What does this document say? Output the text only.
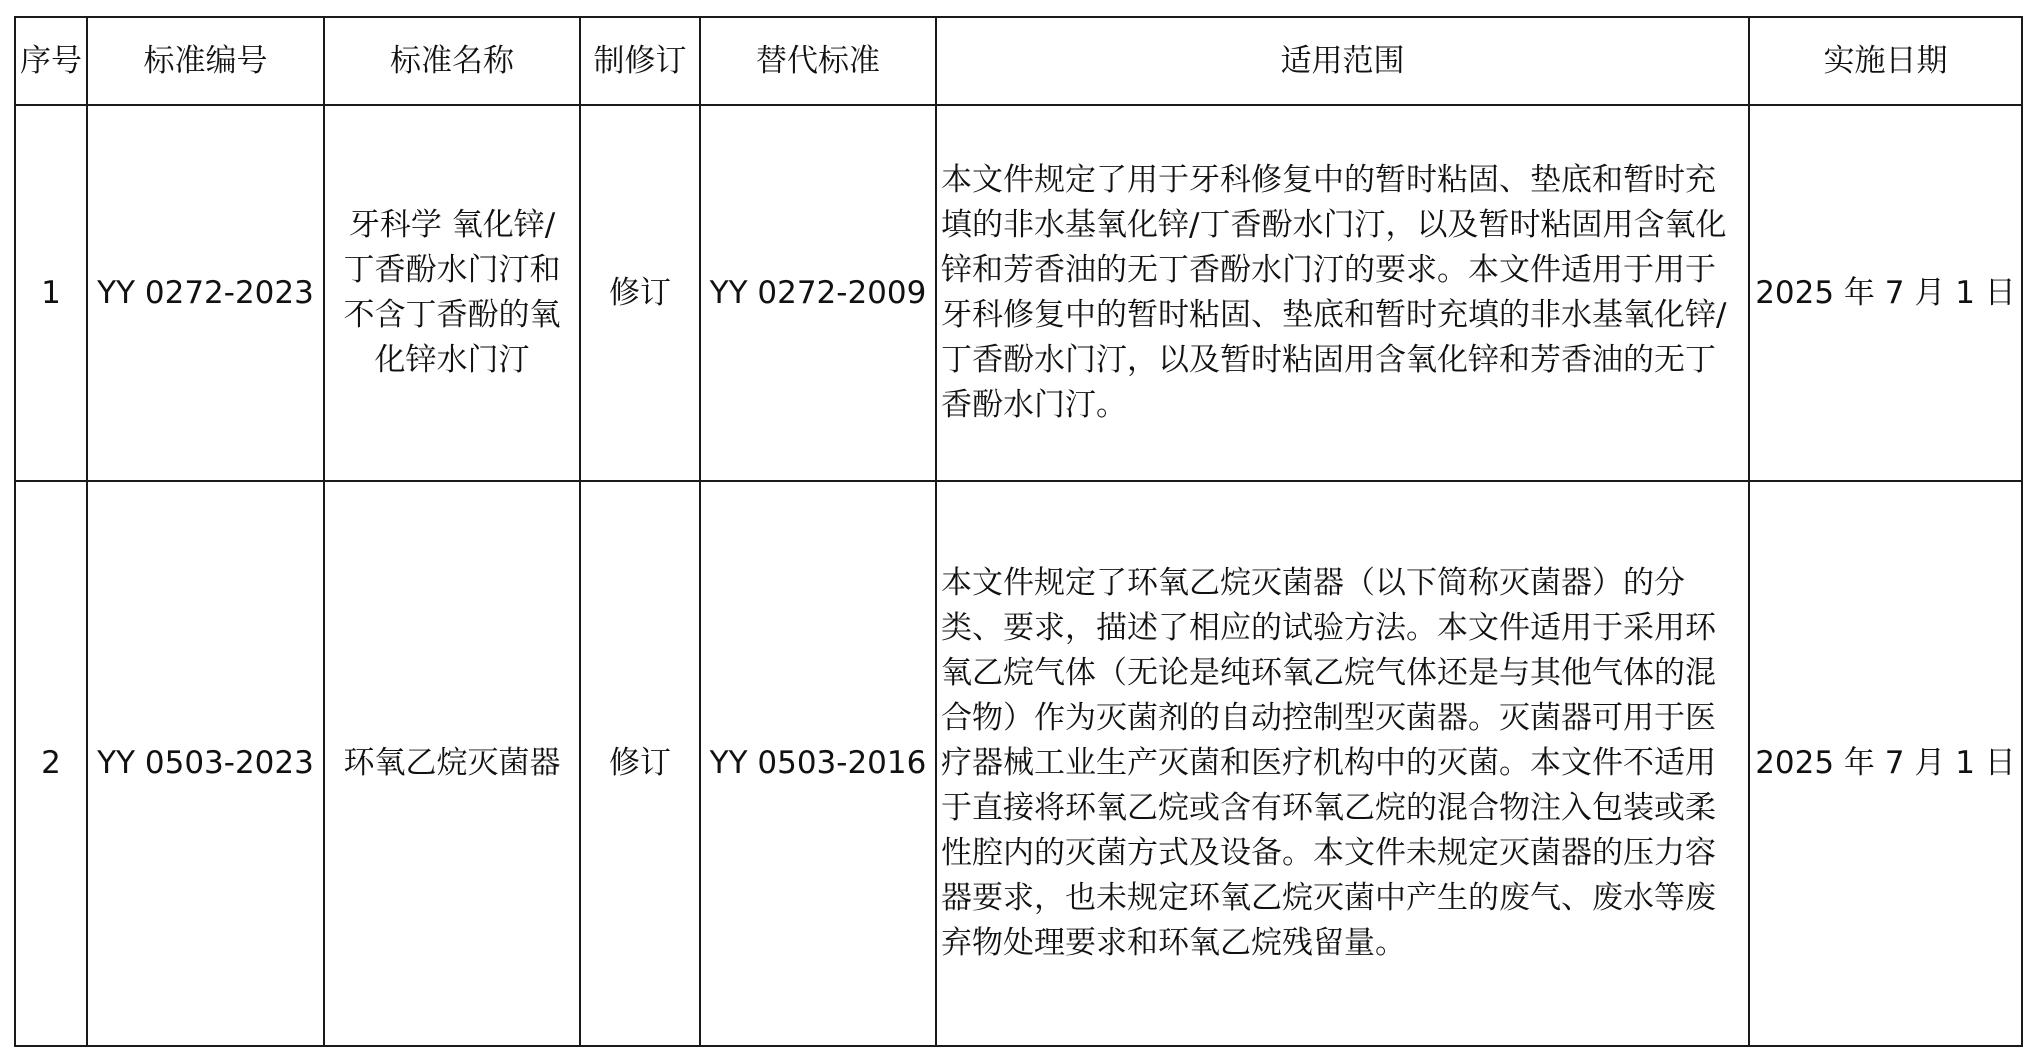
序号	标准编号	标准名称	制修订	替代标准	适用范围	实施日期
1	YY 0272-2023	牙科学 氧化锌/丁香酚水门汀和不含丁香酚的氧化锌水门汀	修订	YY 0272-2009	本文件规定了用于牙科修复中的暂时粘固、垫底和暂时充填的非水基氧化锌/丁香酚水门汀，以及暂时粘固用含氧化锌和芳香油的无丁香酚水门汀的要求。本文件适用于用于牙科修复中的暂时粘固、垫底和暂时充填的非水基氧化锌/丁香酚水门汀，以及暂时粘固用含氧化锌和芳香油的无丁香酚水门汀。	2025 年 7 月 1 日
2	YY 0503-2023	环氧乙烷灭菌器	修订	YY 0503-2016	本文件规定了环氧乙烷灭菌器（以下简称灭菌器）的分类、要求，描述了相应的试验方法。本文件适用于采用环氧乙烷气体（无论是纯环氧乙烷气体还是与其他气体的混合物）作为灭菌剂的自动控制型灭菌器。灭菌器可用于医疗器械工业生产灭菌和医疗机构中的灭菌。本文件不适用于直接将环氧乙烷或含有环氧乙烷的混合物注入包装或柔性腔内的灭菌方式及设备。本文件未规定灭菌器的压力容器要求，也未规定环氧乙烷灭菌中产生的废气、废水等废弃物处理要求和环氧乙烷残留量。	2025 年 7 月 1 日
